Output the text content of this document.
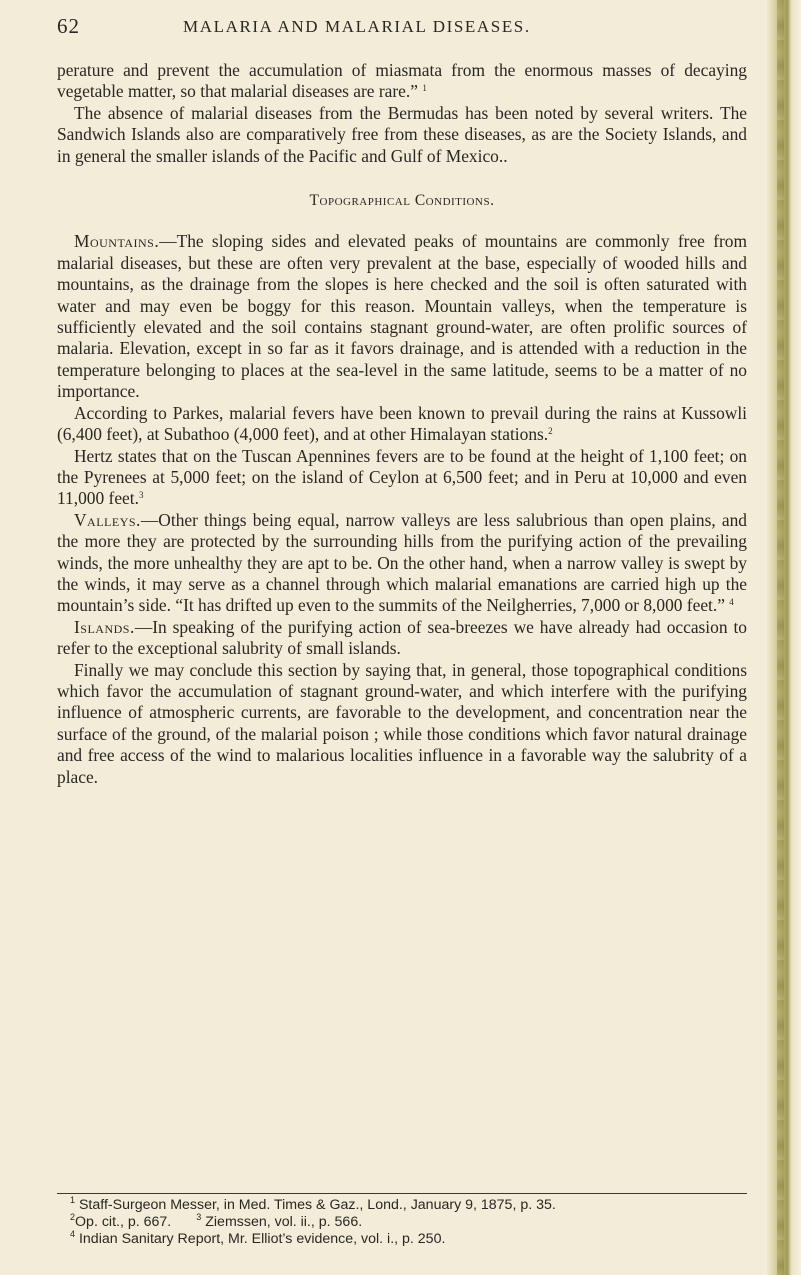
62	MALARIA AND MALARIAL DISEASES.

perature and prevent the accumulation of miasmata from the enormous masses of decaying vegetable matter, so that malarial diseases are rare.” $^1$

The absence of malarial diseases from the Bermudas has been noted by several writers. The Sandwich Islands also are comparatively free from these diseases, as are the Society Islands, and in general the smaller islands of the Pacific and Gulf of Mexico..

Topographical Conditions.

Mountains.—The sloping sides and elevated peaks of mountains are commonly free from malarial diseases, but these are often very prevalent at the base, especially of wooded hills and mountains, as the drainage from the slopes is here checked and the soil is often saturated with water and may even be boggy for this reason. Mountain valleys, when the temperature is sufficiently elevated and the soil contains stagnant ground-water, are often prolific sources of malaria. Elevation, except in so far as it favors drainage, and is attended with a reduction in the temperature belonging to places at the sea-level in the same latitude, seems to be a matter of no importance.

According to Parkes, malarial fevers have been known to prevail during the rains at Kussowli (6,400 feet), at Subathoo (4,000 feet), and at other Himalayan stations.$^2$

Hertz states that on the Tuscan Apennines fevers are to be found at the height of 1,100 feet; on the Pyrenees at 5,000 feet; on the island of Ceylon at 6,500 feet; and in Peru at 10,000 and even 11,000 feet.$^3$

Valleys.—Other things being equal, narrow valleys are less salubrious than open plains, and the more they are protected by the surrounding hills from the purifying action of the prevailing winds, the more unhealthy they are apt to be. On the other hand, when a narrow valley is swept by the winds, it may serve as a channel through which malarial emanations are carried high up the mountain’s side. “It has drifted up even to the summits of the Neilgherries, 7,000 or 8,000 feet.” $^4$

Islands.—In speaking of the purifying action of sea-breezes we have already had occasion to refer to the exceptional salubrity of small islands.

Finally we may conclude this section by saying that, in general, those topographical conditions which favor the accumulation of stagnant ground-water, and which interfere with the purifying influence of atmospheric currents, are favorable to the development, and concentration near the surface of the ground, of the malarial poison ; while those conditions which favor natural drainage and free access of the wind to malarious localities influence in a favorable way the salubrity of a place.

$^1$ Staff-Surgeon Messer, in Med. Times & Gaz., Lond., January 9, 1875, p. 35.

$^2$Op. cit., p. 667.	$^3$ Ziemssen, vol. ii., p. 566.

$^4$ Indian Sanitary Report, Mr. Elliot’s evidence, vol. i., p. 250.
